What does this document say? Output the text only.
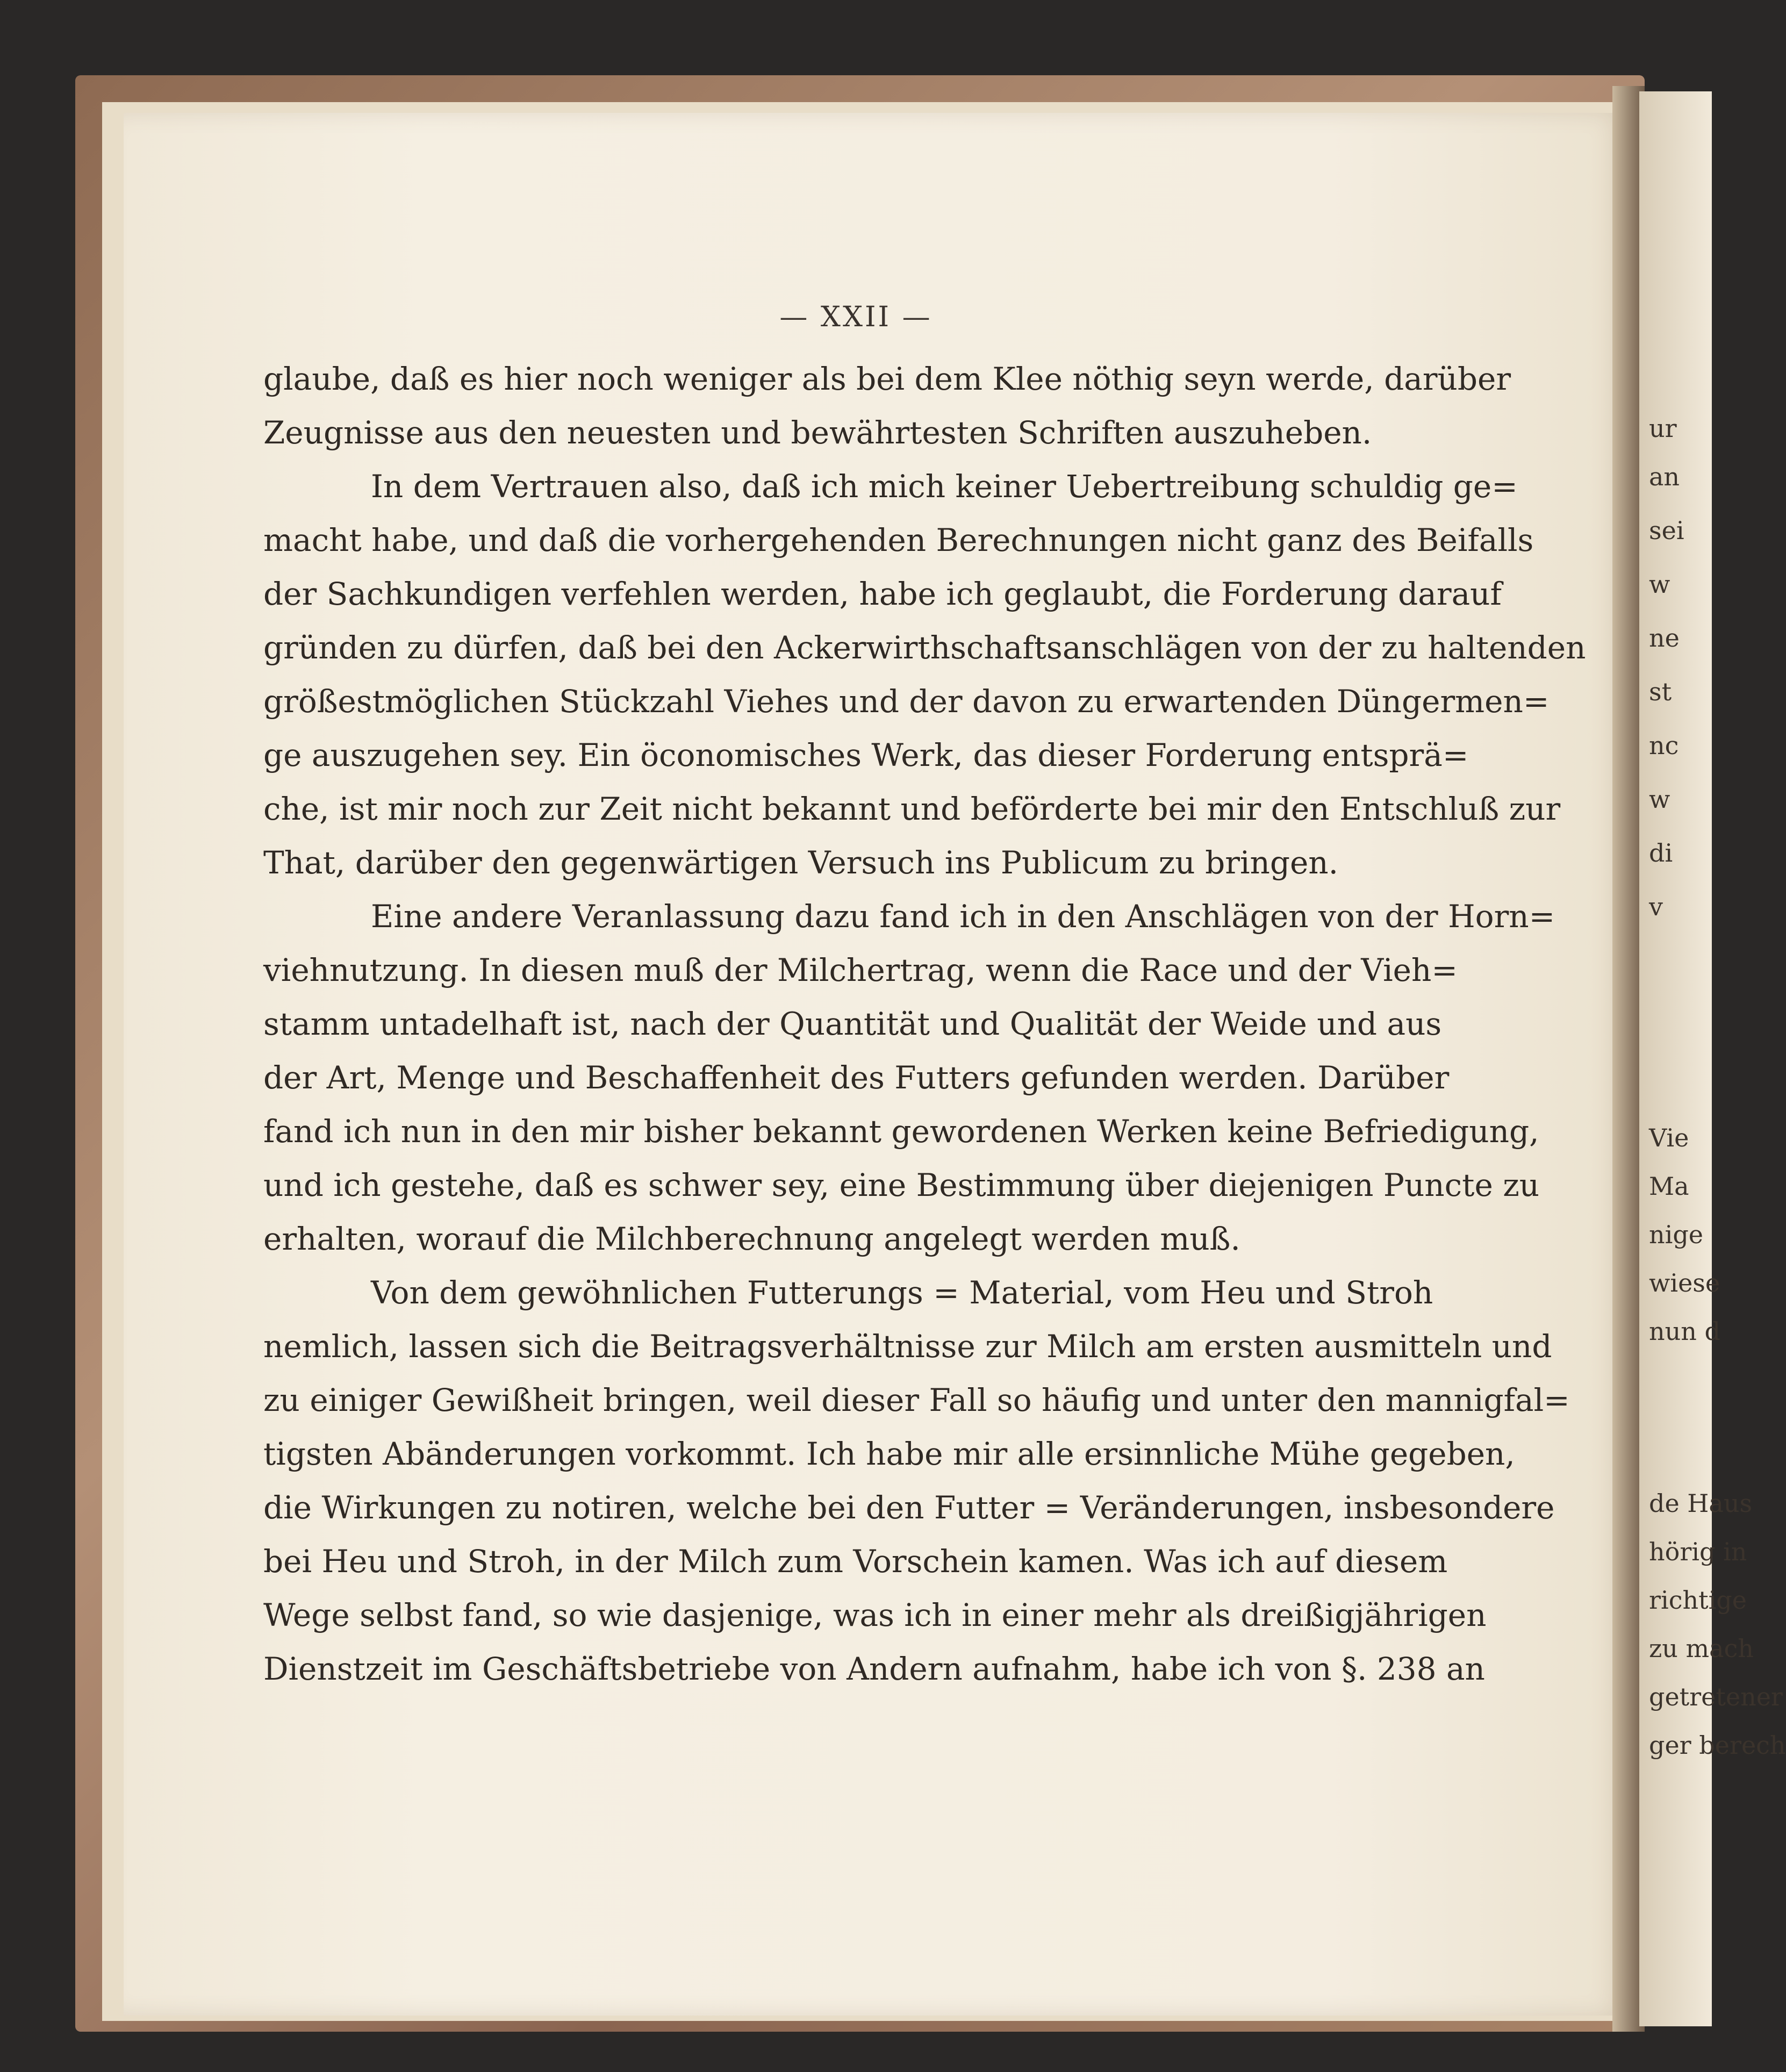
ur
an
sei
w
ne
st
nc
w
di
v
Vie
Ma
nige
wiese
nun d
de Haus
hörig in
richtige
zu mach
getretener
ger berech
— XXII —
glaube, daß es hier noch weniger als bei dem Klee nöthig seyn werde, darüber
Zeugnisse aus den neuesten und bewährtesten Schriften auszuheben.
In dem Vertrauen also, daß ich mich keiner Uebertreibung schuldig ge=
macht habe, und daß die vorhergehenden Berechnungen nicht ganz des Beifalls
der Sachkundigen verfehlen werden, habe ich geglaubt, die Forderung darauf
gründen zu dürfen, daß bei den Ackerwirthschaftsanschlägen von der zu haltenden
größestmöglichen Stückzahl Viehes und der davon zu erwartenden Düngermen=
ge auszugehen sey. Ein öconomisches Werk, das dieser Forderung entsprä=
che, ist mir noch zur Zeit nicht bekannt und beförderte bei mir den Entschluß zur
That, darüber den gegenwärtigen Versuch ins Publicum zu bringen.
Eine andere Veranlassung dazu fand ich in den Anschlägen von der Horn=
viehnutzung. In diesen muß der Milchertrag, wenn die Race und der Vieh=
stamm untadelhaft ist, nach der Quantität und Qualität der Weide und aus
der Art, Menge und Beschaffenheit des Futters gefunden werden. Darüber
fand ich nun in den mir bisher bekannt gewordenen Werken keine Befriedigung,
und ich gestehe, daß es schwer sey, eine Bestimmung über diejenigen Puncte zu
erhalten, worauf die Milchberechnung angelegt werden muß.
Von dem gewöhnlichen Futterungs = Material, vom Heu und Stroh
nemlich, lassen sich die Beitragsverhältnisse zur Milch am ersten ausmitteln und
zu einiger Gewißheit bringen, weil dieser Fall so häufig und unter den mannigfal=
tigsten Abänderungen vorkommt. Ich habe mir alle ersinnliche Mühe gegeben,
die Wirkungen zu notiren, welche bei den Futter = Veränderungen, insbesondere
bei Heu und Stroh, in der Milch zum Vorschein kamen. Was ich auf diesem
Wege selbst fand, so wie dasjenige, was ich in einer mehr als dreißigjährigen
Dienstzeit im Geschäftsbetriebe von Andern aufnahm, habe ich von §. 238 an
